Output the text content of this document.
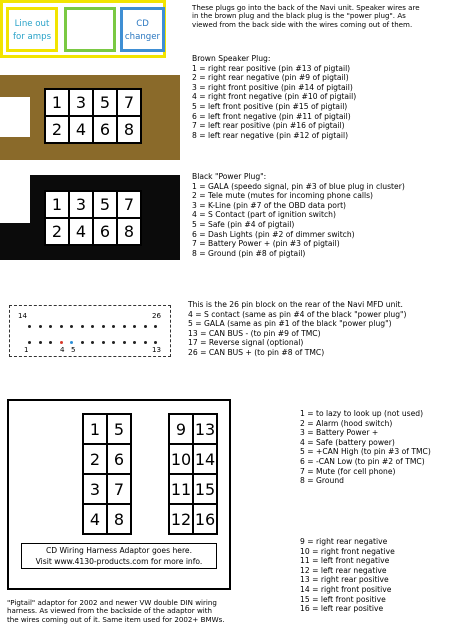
Line out for amps
CD changer
These plugs go into the back of the Navi unit. Speaker wires are
in the brown plug and the black plug is the "power plug". As
viewed from the back side with the wires coming out of them.
1 3 5 7
2 4 6 8
Brown Speaker Plug:
1 = right rear positive (pin #13 of pigtail)
2 = right rear negative (pin #9 of pigtail)
3 = right front positive (pin #14 of pigtail)
4 = right front negative (pin #10 of pigtail)
5 = left front positive (pin #15 of pigtail)
6 = left front negative (pin #11 of pigtail)
7 = left rear positive (pin #16 of pigtail)
8 = left rear negative (pin #12 of pigtail)
1 3 5 7
2 4 6 8
Black "Power Plug":
1 = GALA (speedo signal, pin #3 of blue plug in cluster)
2 = Tele mute (mutes for incoming phone calls)
3 = K-Line (pin #7 of the OBD data port)
4 = S Contact (part of ignition switch)
5 = Safe (pin #4 of pigtail)
6 = Dash Lights (pin #2 of dimmer switch)
7 = Battery Power + (pin #3 of pigtail)
8 = Ground (pin #8 of pigtail)
14	26
1	4 5	13
This is the 26 pin block on the rear of the Navi MFD unit.
4 = S contact (same as pin #4 of the black "power plug")
5 = GALA (same as pin #1 of the black "power plug")
13 = CAN BUS - (to pin #9 of TMC)
17 = Reverse signal (optional)
26 = CAN BUS + (to pin #8 of TMC)
1 5
2 6
3 7
4 8
9 13
10 14
11 15
12 16
CD Wiring Harness Adaptor goes here.
Visit www.4130-products.com for more info.
1 = to lazy to look up (not used)
2 = Alarm (hood switch)
3 = Battery Power +
4 = Safe (battery power)
5 = +CAN High (to pin #3 of TMC)
6 = -CAN Low (to pin #2 of TMC)
7 = Mute (for cell phone)
8 = Ground
9 = right rear negative
10 = right front negative
11 = left front negative
12 = left rear negative
13 = right rear positive
14 = right front positive
15 = left front positive
16 = left rear positive
"Pigtail" adaptor for 2002 and newer VW double DIN wiring
harness. As viewed from the backside of the adaptor with
the wires coming out of it. Same item used for 2002+ BMWs.
